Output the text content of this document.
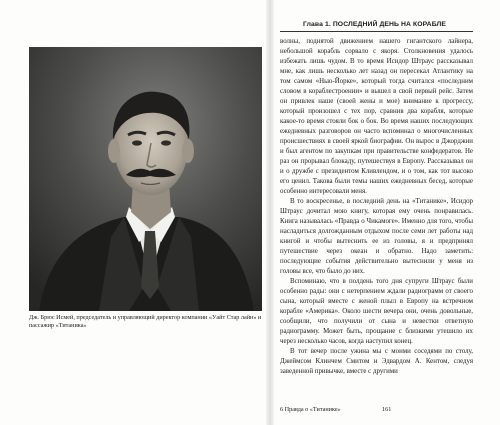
Дж. Брюс Исмей, председатель и управляющий директор компании «Уайт Стар лайн» и пассажир «Титаника»
Глава 1. ПОСЛЕДНИЙ ДЕНЬ НА КОРАБЛЕ

волны, поднятой движением нашего гигантского лайнера, небольшой корабль сорвало с якоря. Столкновения удалось избежать лишь чудом. В то время Исидор Штраус рассказывал мне, как лишь несколько лет назад он пересекал Атлантику на том самом «Нью-Йорке», который тогда считался «последним словом в кораблестроении» и вышел в свой первый рейс. Затем он привлек наше (своей жены и мое) внимание к прогрессу, который произошел с тех пор, сравнив два корабля, которые какое-то время стояли бок о бок. Во время наших последующих ежедневных разговоров он часто вспоминал о многочисленных происшествиях в своей яркой биографии. Он вырос в Джорджии и был агентом по закупкам при правительстве конфедератов. Не раз он прорывал блокаду, путешествуя в Европу. Рассказывал он и о дружбе с президентом Кливлендом, и о том, как тот высоко его ценил. Такова были темы наших ежедневных бесед, которые особенно интересовали меня.

В то воскресенье, в последний день на «Титанике», Исидор Штраус дочитал мою книгу, которая ему очень понравилась. Книга называлась «Правда о Чикамоге». Именно для того, чтобы насладиться долгожданным отдыхом после семи лет работы над книгой и чтобы вытеснить ее из головы, я и предпринял путешествие через океан и обратно. Надо заметить: последующие события действительно вытеснили у меня из головы все, что было до них.

Вспоминаю, что в полдень того дня супруги Штраус были особенно рады: они с нетерпением ждали радиограмм от своего сына, который вместе с женой плыл в Европу на встречном корабле «Америка». Около шести вечера они, очень довольные, сообщили, что получили от сына и невестки ответную радиограмму. Может быть, прощание с близкими утешило их через несколько часов, когда наступил конец.

В тот вечер после ужина мы с моими соседями по столу, Джеймсом Клинчем Смитом и Эдвардом А. Кентом, следуя заведенной привычке, вместе с другими

6 Правда о «Титанике»	161
